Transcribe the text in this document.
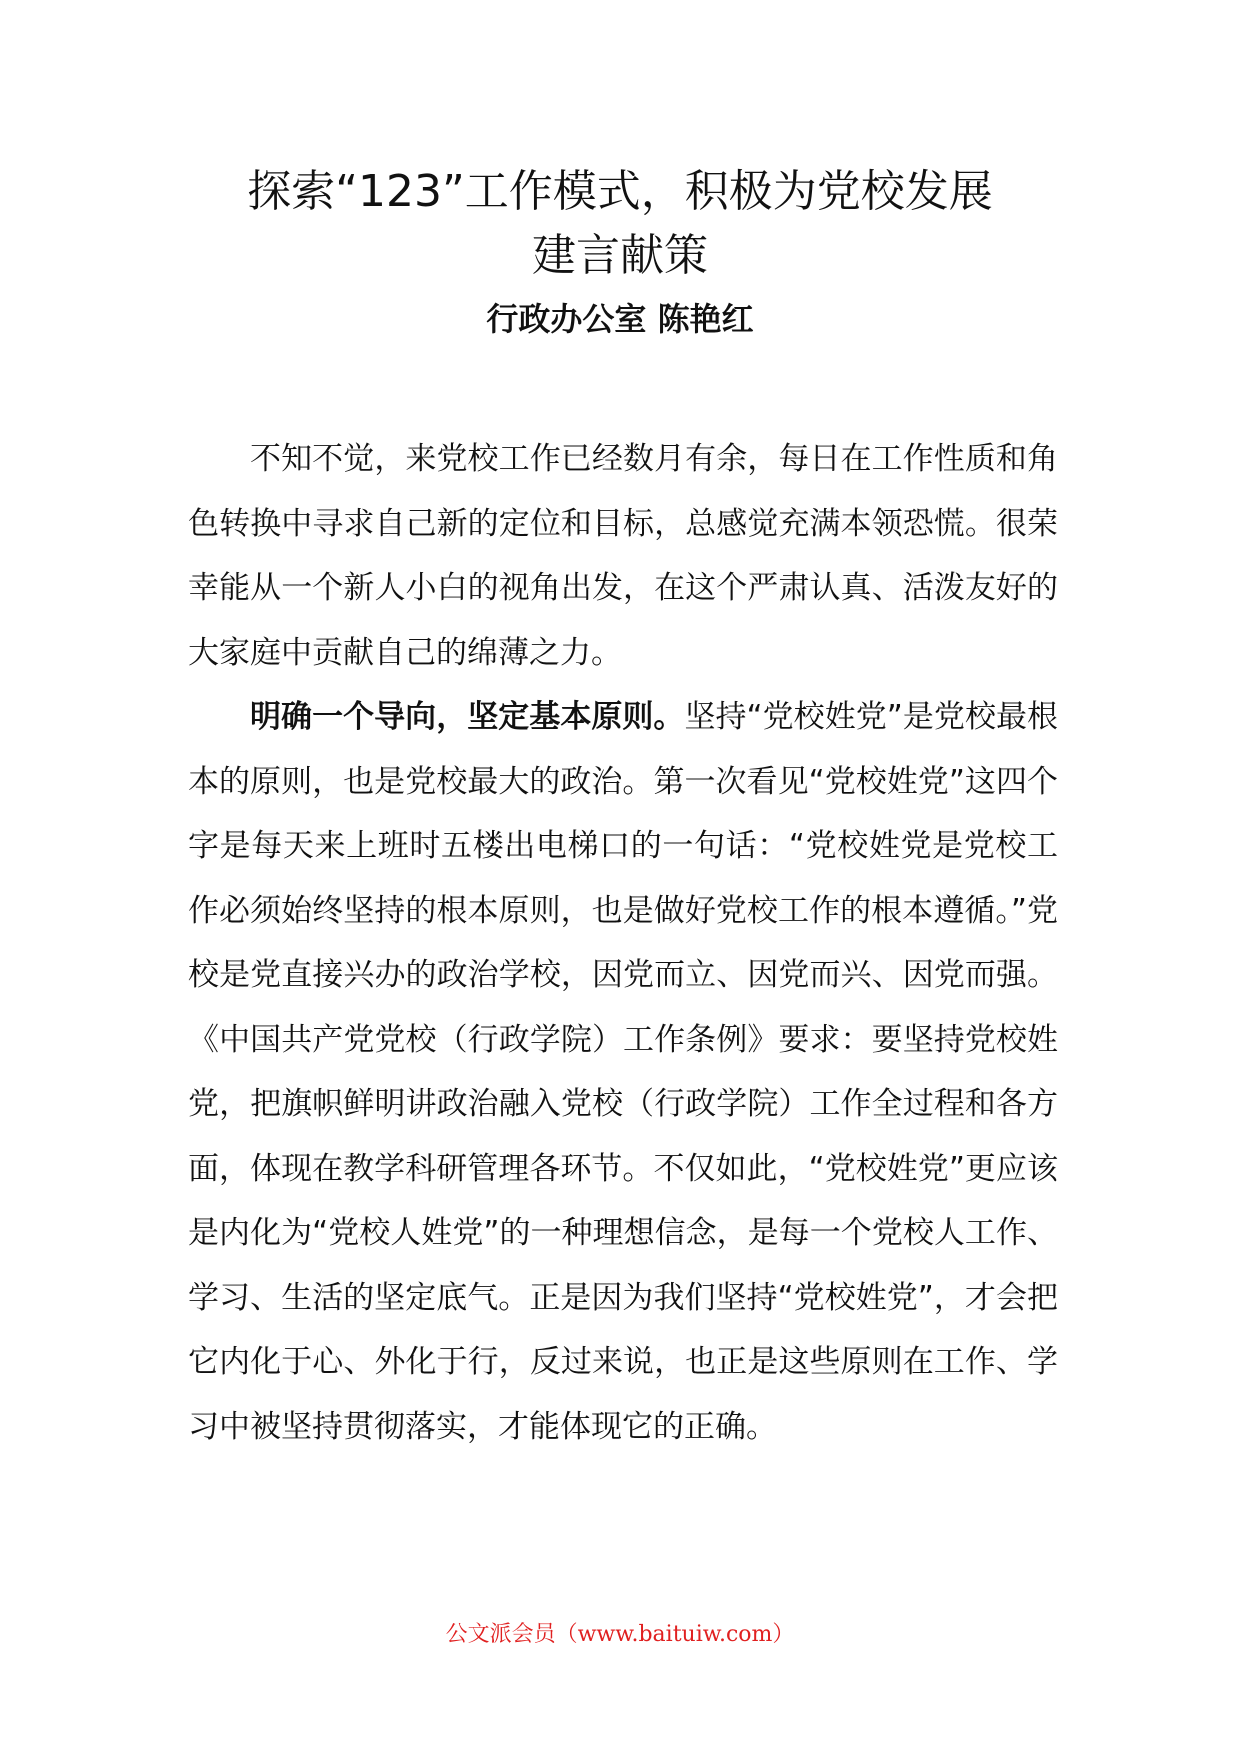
探索“123”工作模式，积极为党校发展
建言献策
行政办公室 陈艳红

不知不觉，来党校工作已经数月有余，每日在工作性质和角色转换中寻求自己新的定位和目标，总感觉充满本领恐慌。很荣幸能从一个新人小白的视角出发，在这个严肃认真、活泼友好的大家庭中贡献自己的绵薄之力。

明确一个导向，坚定基本原则。坚持“党校姓党”是党校最根本的原则，也是党校最大的政治。第一次看见“党校姓党”这四个字是每天来上班时五楼出电梯口的一句话：“党校姓党是党校工作必须始终坚持的根本原则，也是做好党校工作的根本遵循。”党校是党直接兴办的政治学校，因党而立、因党而兴、因党而强。《中国共产党党校（行政学院）工作条例》要求：要坚持党校姓党，把旗帜鲜明讲政治融入党校（行政学院）工作全过程和各方面，体现在教学科研管理各环节。不仅如此，“党校姓党”更应该是内化为“党校人姓党”的一种理想信念，是每一个党校人工作、学习、生活的坚定底气。正是因为我们坚持“党校姓党”，才会把它内化于心、外化于行，反过来说，也正是这些原则在工作、学习中被坚持贯彻落实，才能体现它的正确。

公文派会员（www.baituiw.com）
